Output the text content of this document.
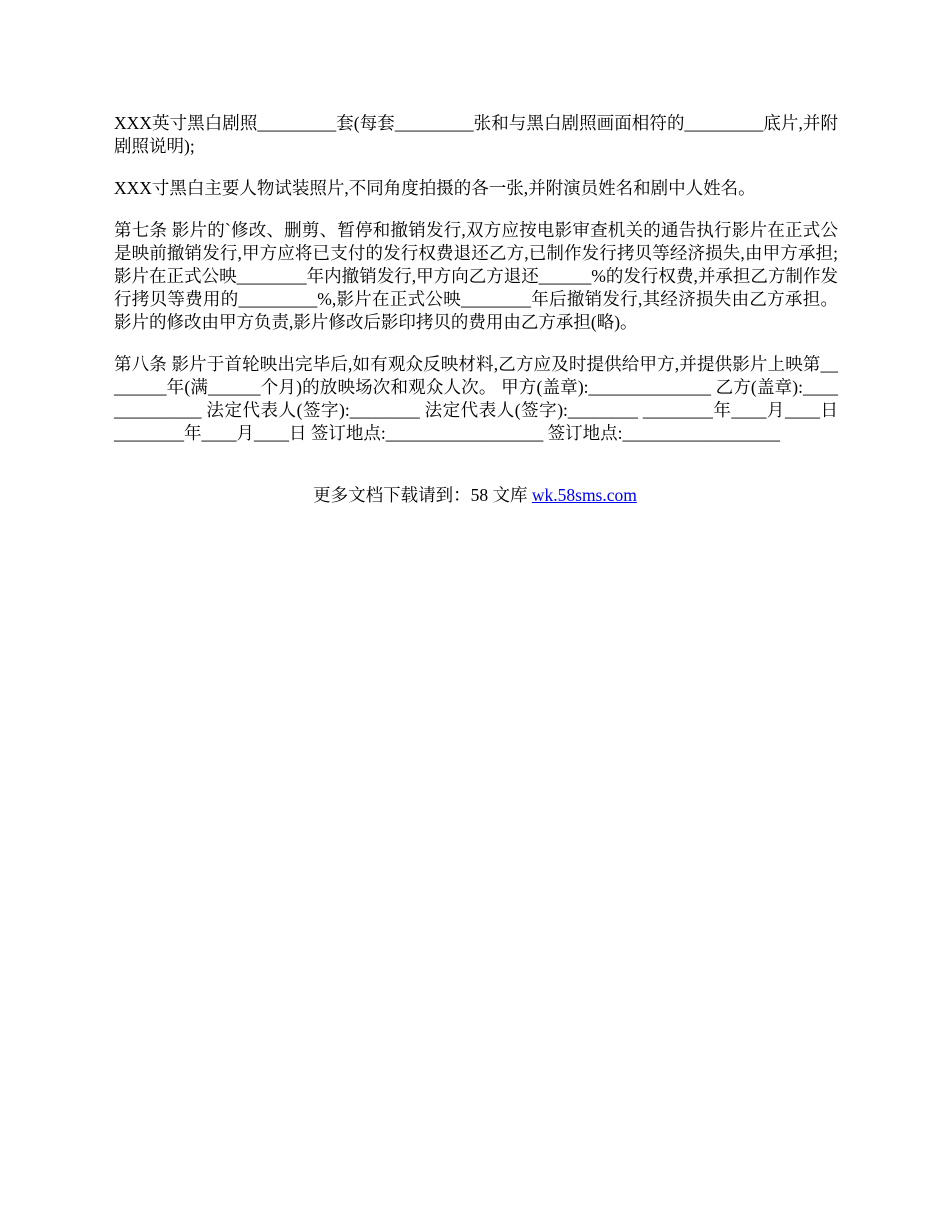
XXX英寸黑白剧照_________套(每套_________张和与黑白剧照画面相符的_________底片,并附剧照说明);

XXX寸黑白主要人物试装照片,不同角度拍摄的各一张,并附演员姓名和剧中人姓名。

第七条 影片的`修改、删剪、暂停和撤销发行,双方应按电影审查机关的通告执行影片在正式公是映前撤销发行,甲方应将已支付的发行权费退还乙方,已制作发行拷贝等经济损失,由甲方承担;影片在正式公映________年内撤销发行,甲方向乙方退还______%的发行权费,并承担乙方制作发行拷贝等费用的_________%,影片在正式公映________年后撤销发行,其经济损失由乙方承担。影片的修改由甲方负责,影片修改后影印拷贝的费用由乙方承担(略)。

第八条 影片于首轮映出完毕后,如有观众反映材料,乙方应及时提供给甲方,并提供影片上映第________年(满______个月)的放映场次和观众人次。 甲方(盖章):______________ 乙方(盖章):______________ 法定代表人(签字):________ 法定代表人(签字):________ ________年____月____日 ________年____月____日 签订地点:__________________ 签订地点:__________________

更多文档下载请到：58 文库 wk.58sms.com
